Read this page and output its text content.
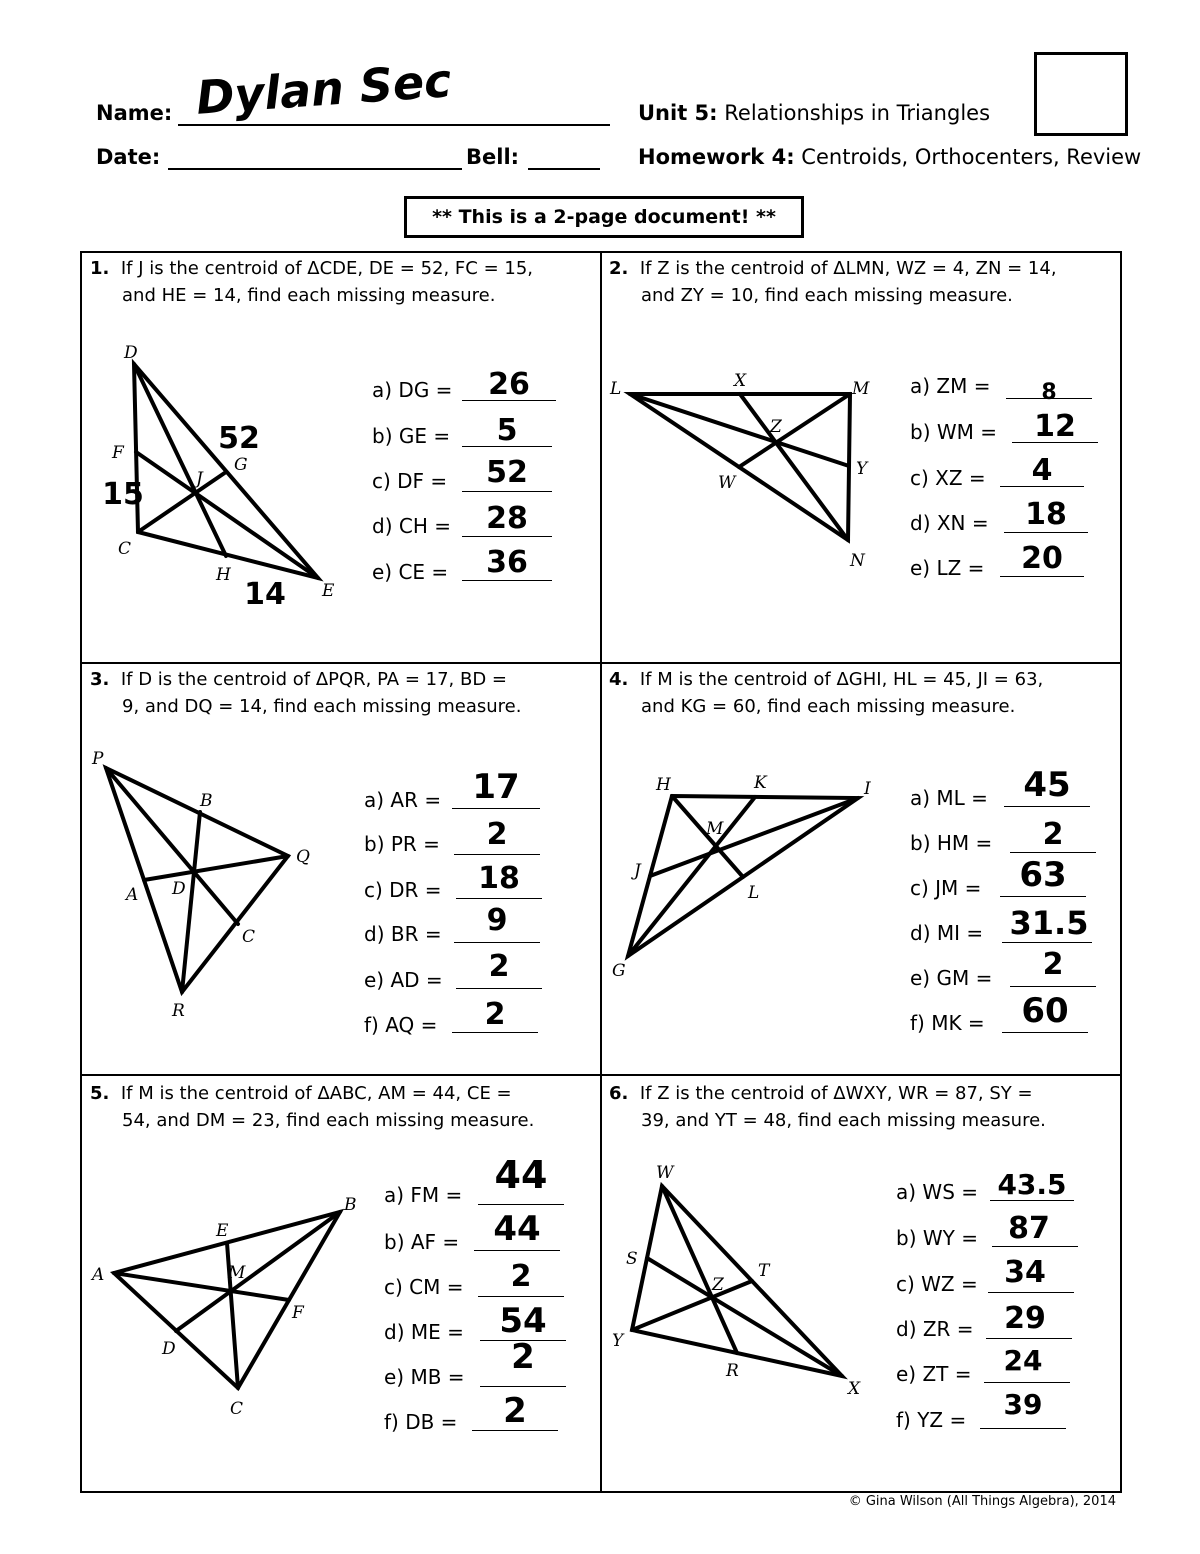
Name: Dylan Sec
Date:	Bell:
Unit 5: Relationships in Triangles
Homework 4: Centroids, Orthocenters, Review
** This is a 2-page document! **
1. If J is the centroid of ΔCDE, DE = 52, FC = 15,
and HE = 14, find each missing measure.
2. If Z is the centroid of ΔLMN, WZ = 4, ZN = 14,
and ZY = 10, find each missing measure.
3. If D is the centroid of ΔPQR, PA = 17, BD =
9, and DQ = 14, find each missing measure.
4. If M is the centroid of ΔGHI, HL = 45, JI = 63,
and KG = 60, find each missing measure.
5. If M is the centroid of ΔABC, AM = 44, CE =
54, and DM = 23, find each missing measure.
6. If Z is the centroid of ΔWXY, WR = 87, SY =
39, and YT = 48, find each missing measure.
D
F
G
J
C
H
E
L	X	M
Z
Y
W
N
P
B
Q
A D
C
R
H	K	I
M
J
L
G
B
E
A	M
F
D
C
W
S
T
Z
Y
R
X
52
15
14
a) DG =	26
b) GE =	5
c) DF =	52
d) CH =	28
e) CE =	36
a) ZM =	8
b) WM =	12
c) XZ =	4
d) XN =	18
e) LZ =	20
a) AR = 17
b) PR =	2
c) DR =	18
d) BR =	9
e) AD =	2
f) AQ =	2
a) ML =	45
b) HM =	2
c) JM =	63
d) MI = 31.5
e) GM =	2
f) MK =	60
a) FM = 44
b) AF =	44
c) CM =	2
d) ME =	54
e) MB =	2
f) DB =	2
a) WS = 43.5
b) WY =	87
c) WZ = 34
d) ZR =	29
e) ZT =	24
f) YZ =	39
© Gina Wilson (All Things Algebra), 2014
